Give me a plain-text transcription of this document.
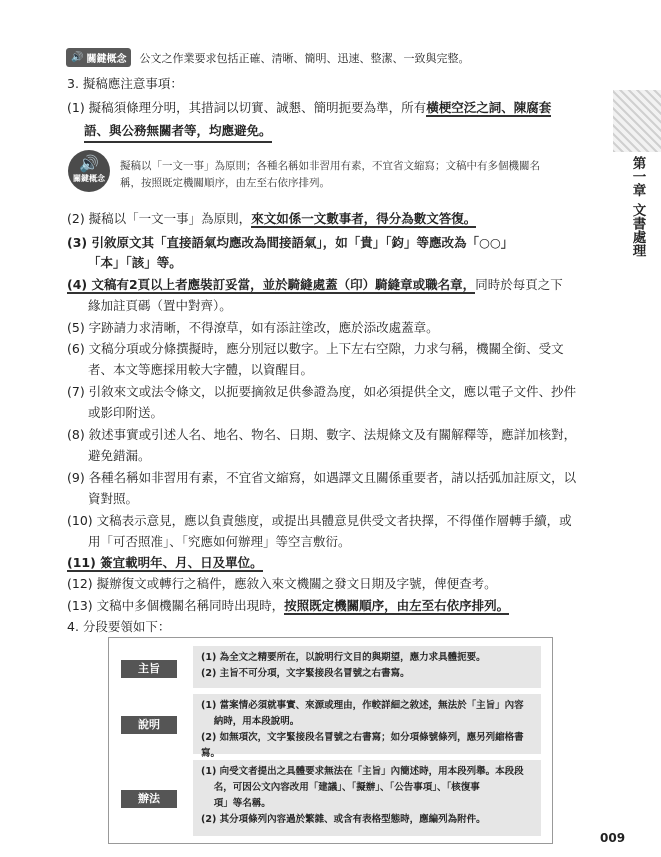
🔊 關鍵概念 公文之作業要求包括正確、清晰、簡明、迅速、整潔、一致與完整。
3. 擬稿應注意事項：
(1) 擬稿須條理分明，其措詞以切實、誠懇、簡明扼要為準，所有橫梗空泛之詞、陳腐套
語、與公務無關者等，均應避免。
🔊
關鍵概念
擬稿以「一文一事」為原則；各種名稱如非習用有素，不宜省文縮寫；文稿中有多個機關名
稱，按照既定機關順序，由左至右依序排列。
(2) 擬稿以「一文一事」為原則，來文如係一文數事者，得分為數文答復。
(3) 引敘原文其「直接語氣均應改為間接語氣」，如「貴」「鈞」等應改為「○○」
「本」「該」等。
(4) 文稿有2頁以上者應裝訂妥當，並於騎縫處蓋（印）騎縫章或職名章，同時於每頁之下
緣加註頁碼（置中對齊）。
(5) 字跡請力求清晰，不得潦草，如有添註塗改，應於添改處蓋章。
(6) 文稿分項或分條撰擬時，應分別冠以數字。上下左右空隙，力求勻稱，機關全銜、受文
者、本文等應採用較大字體，以資醒目。
(7) 引敘來文或法令條文，以扼要摘敘足供參證為度，如必須提供全文，應以電子文件、抄件
或影印附送。
(8) 敘述事實或引述人名、地名、物名、日期、數字、法規條文及有關解釋等，應詳加核對，
避免錯漏。
(9) 各種名稱如非習用有素，不宜省文縮寫，如遇譯文且關係重要者，請以括弧加註原文，以
資對照。
(10) 文稿表示意見，應以負責態度，或提出具體意見供受文者抉擇，不得僅作層轉手續，或
用「可否照准」、「究應如何辦理」等空言敷衍。
(11) 簽宜載明年、月、日及單位。
(12) 擬辦復文或轉行之稿件，應敘入來文機關之發文日期及字號，俾便查考。
(13) 文稿中多個機關名稱同時出現時，按照既定機關順序，由左至右依序排列。
4. 分段要領如下：
主旨
(1) 為全文之精要所在，以說明行文目的與期望，應力求具體扼要。
(2) 主旨不可分項，文字緊接段名冒號之右書寫。
說明
(1) 當案情必須就事實、來源或理由，作較詳細之敘述，無法於「主旨」內容
　 納時，用本段說明。
(2) 如無項次，文字緊接段名冒號之右書寫；如分項條號條列，應另列縮格書寫。
辦法
(1) 向受文者提出之具體要求無法在「主旨」內簡述時，用本段列舉。本段段
　 名，可因公文內容改用「建議」、「擬辦」、「公告事項」、「核復事
　 項」等名稱。
(2) 其分項條列內容過於繁雜、或含有表格型態時，應編列為附件。
第一章
文書處理
009
